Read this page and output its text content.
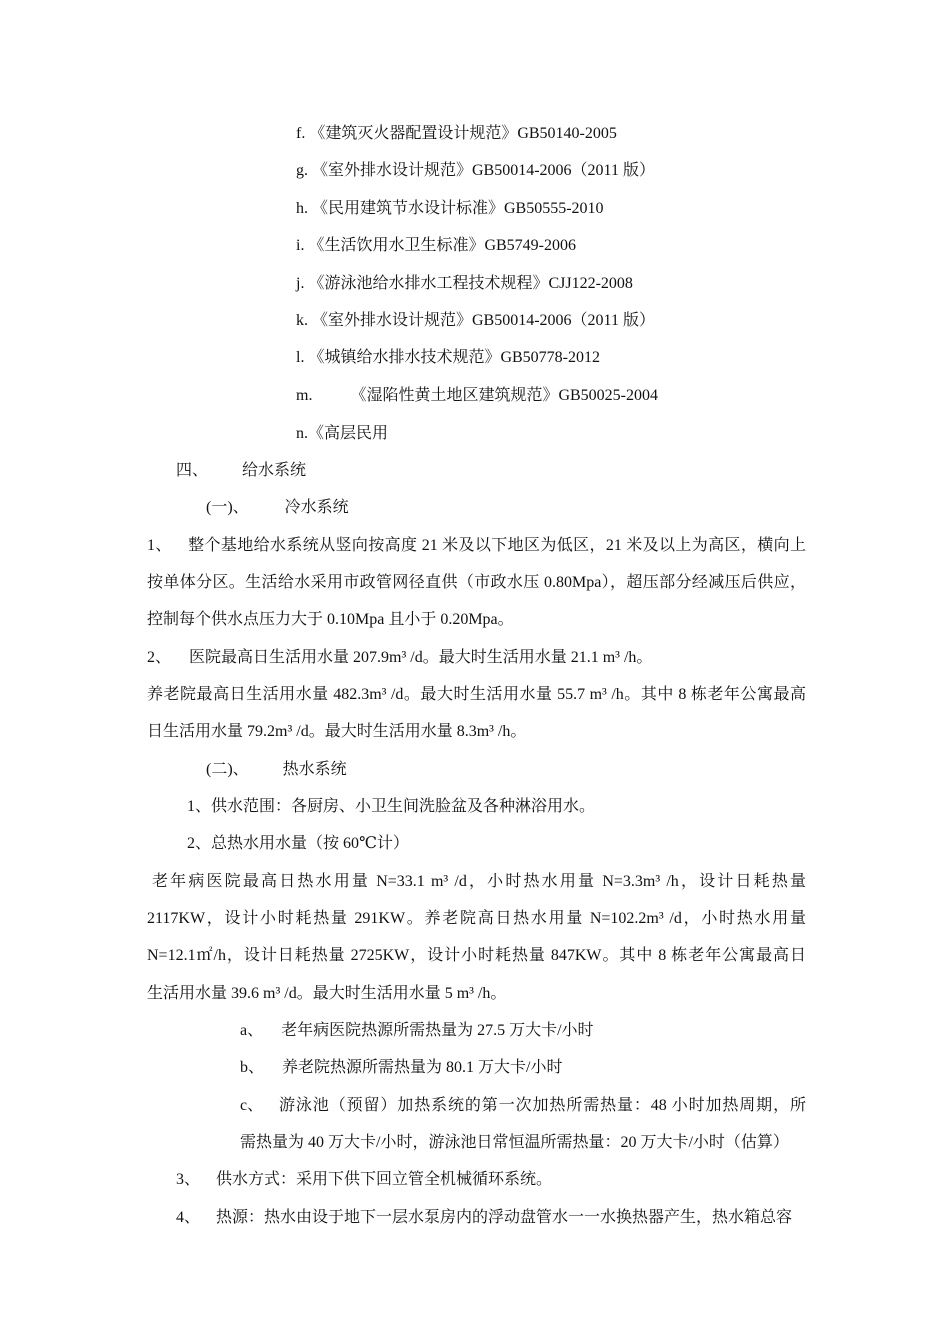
f. 《建筑灭火器配置设计规范》GB50140-2005
g. 《室外排水设计规范》GB50014-2006（2011 版）
h. 《民用建筑节水设计标准》GB50555-2010
i. 《生活饮用水卫生标准》GB5749-2006
j. 《游泳池给水排水工程技术规程》CJJ122-2008
k. 《室外排水设计规范》GB50014-2006（2011 版）
l. 《城镇给水排水技术规范》GB50778-2012
m. 《湿陷性黄土地区建筑规范》GB50025-2004
n.《高层民用
四、 给水系统
(一)、 冷水系统
1、 整个基地给水系统从竖向按高度 21 米及以下地区为低区，21 米及以上为高区，横向上
按单体分区。生活给水采用市政管网径直供（市政水压 0.80Mpa），超压部分经减压后供应，
控制每个供水点压力大于 0.10Mpa 且小于 0.20Mpa。
2、 医院最高日生活用水量 207.9m³ /d。最大时生活用水量 21.1 m³ /h。
养老院最高日生活用水量 482.3m³ /d。最大时生活用水量 55.7 m³ /h。其中 8 栋老年公寓最高
日生活用水量 79.2m³ /d。最大时生活用水量 8.3m³ /h。
(二)、 热水系统
1、供水范围：各厨房、小卫生间洗脸盆及各种淋浴用水。
2、总热水用水量（按 60℃计）
老年病医院最高日热水用量 N=33.1 m³ /d，小时热水用量 N=3.3m³ /h，设计日耗热量
2117KW，设计小时耗热量 291KW。养老院高日热水用量 N=102.2m³ /d，小时热水用量
N=12.1㎡/h，设计日耗热量 2725KW，设计小时耗热量 847KW。其中 8 栋老年公寓最高日
生活用水量 39.6 m³ /d。最大时生活用水量 5 m³ /h。
a、 老年病医院热源所需热量为 27.5 万大卡/小时
b、 养老院热源所需热量为 80.1 万大卡/小时
c、 游泳池（预留）加热系统的第一次加热所需热量：48 小时加热周期，所
需热量为 40 万大卡/小时，游泳池日常恒温所需热量：20 万大卡/小时（估算）
3、 供水方式：采用下供下回立管全机械循环系统。
4、 热源：热水由设于地下一层水泵房内的浮动盘管水一一水换热器产生，热水箱总容
